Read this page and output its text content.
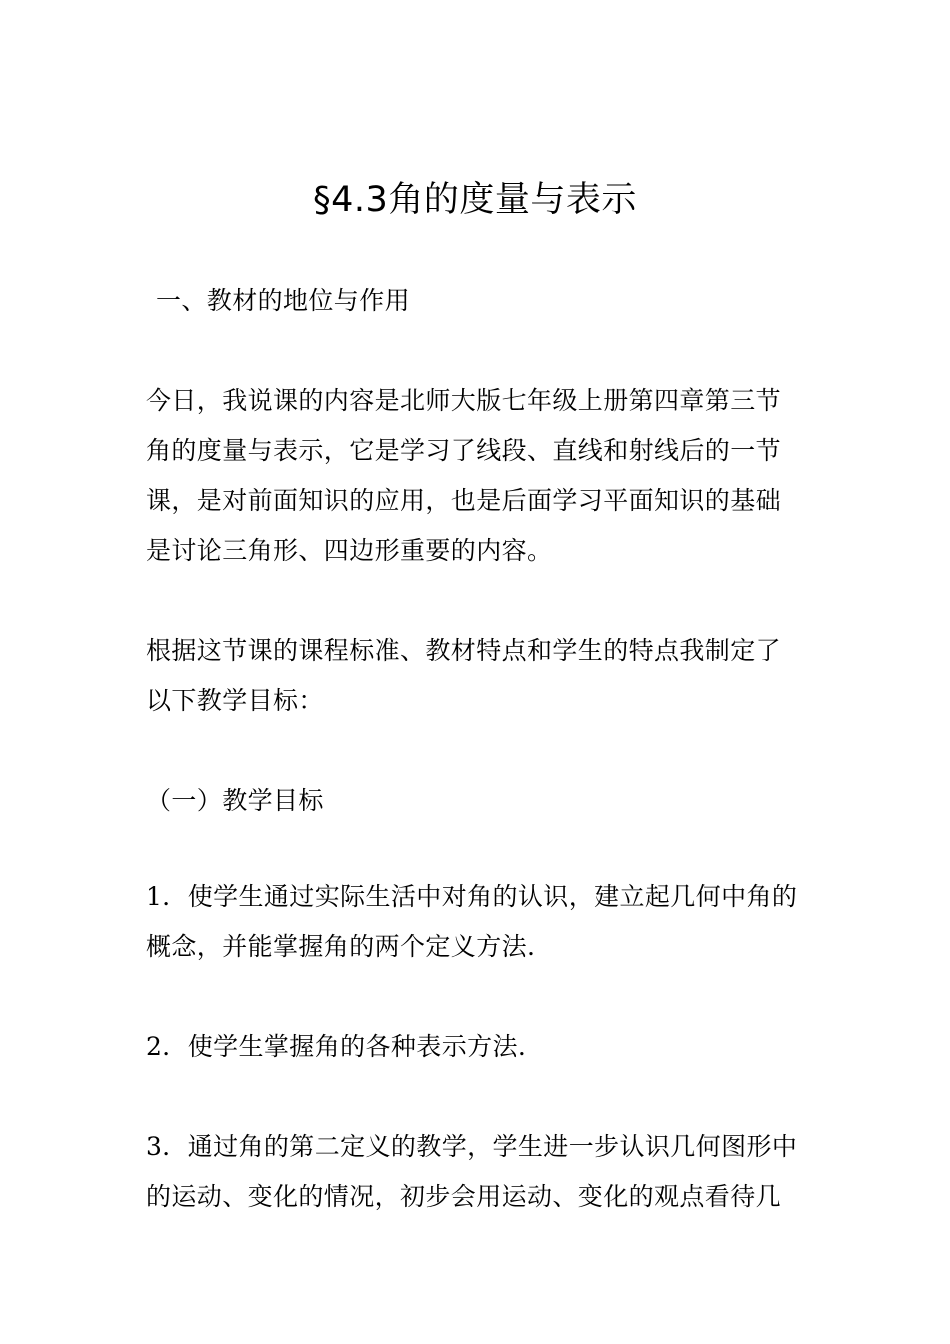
§4.3角的度量与表示

一、教材的地位与作用

今日，我说课的内容是北师大版七年级上册第四章第三节
角的度量与表示，它是学习了线段、直线和射线后的一节
课，是对前面知识的应用，也是后面学习平面知识的基础
是讨论三角形、四边形重要的内容。

根据这节课的课程标准、教材特点和学生的特点我制定了
以下教学目标：

（一）教学目标

1．使学生通过实际生活中对角的认识，建立起几何中角的
概念，并能掌握角的两个定义方法.

2．使学生掌握角的各种表示方法.

3．通过角的第二定义的教学，学生进一步认识几何图形中
的运动、变化的情况，初步会用运动、变化的观点看待几
